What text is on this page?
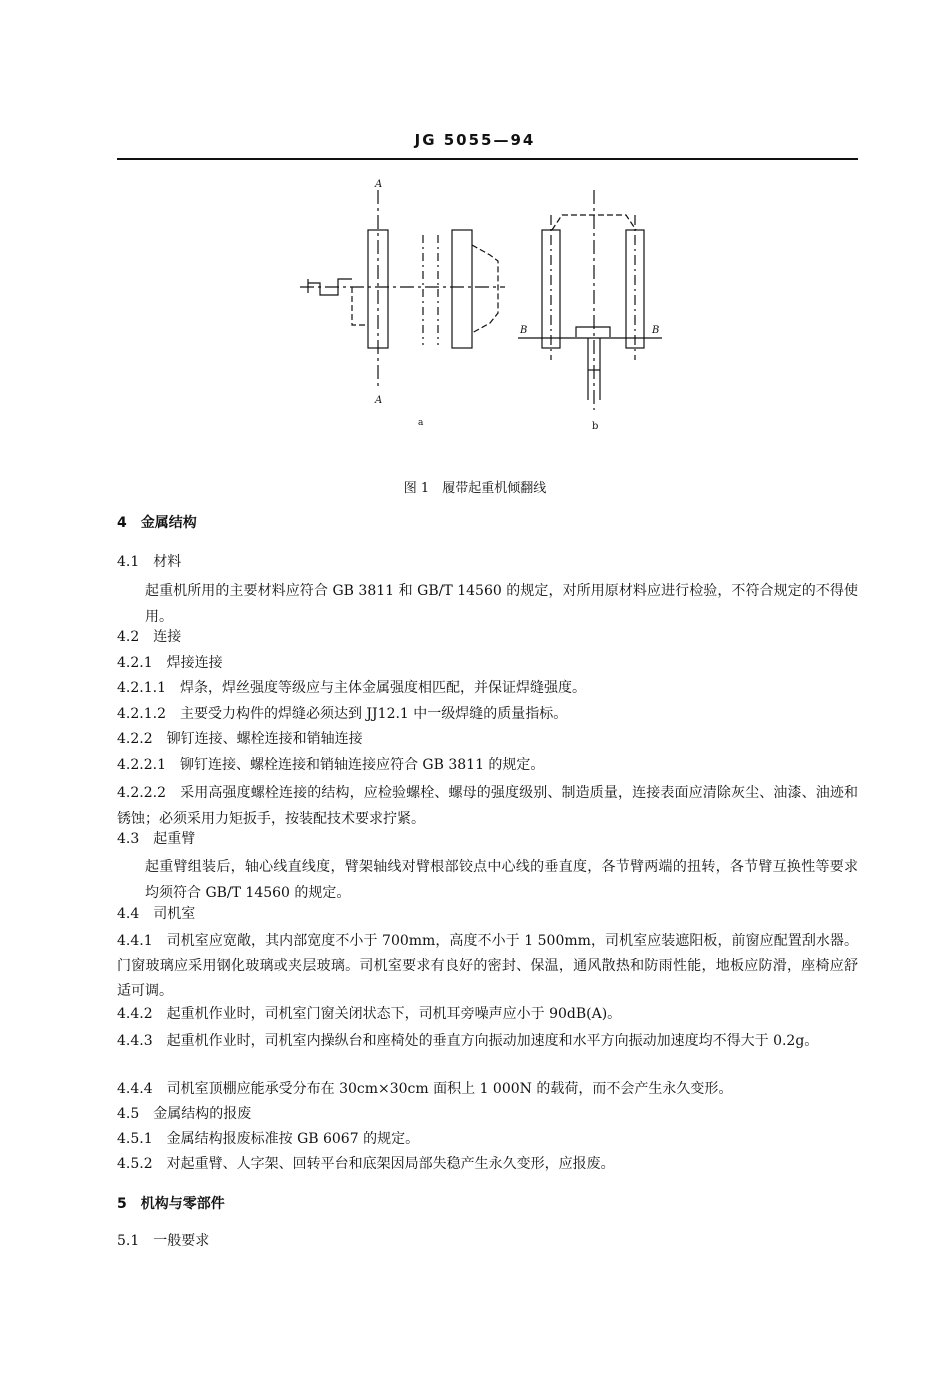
JG 5055—94
A
A
B	B
a	b
图 1　履带起重机倾翻线
4 金属结构
4.1 材料
起重机所用的主要材料应符合 GB 3811 和 GB/T 14560 的规定，对所用原材料应进行检验，不符合规定的不得使用。
4.2 连接
4.2.1 焊接连接
4.2.1.1 焊条，焊丝强度等级应与主体金属强度相匹配，并保证焊缝强度。
4.2.1.2 主要受力构件的焊缝必须达到 JJ12.1 中一级焊缝的质量指标。
4.2.2 铆钉连接、螺栓连接和销轴连接
4.2.2.1 铆钉连接、螺栓连接和销轴连接应符合 GB 3811 的规定。
4.2.2.2 采用高强度螺栓连接的结构，应检验螺栓、螺母的强度级别、制造质量，连接表面应清除灰尘、油漆、油迹和锈蚀；必须采用力矩扳手，按装配技术要求拧紧。
4.3 起重臂
起重臂组装后，轴心线直线度，臂架轴线对臂根部铰点中心线的垂直度，各节臂两端的扭转，各节臂互换性等要求均须符合 GB/T 14560 的规定。
4.4 司机室
4.4.1 司机室应宽敞，其内部宽度不小于 700mm，高度不小于 1 500mm，司机室应装遮阳板，前窗应配置刮水器。门窗玻璃应采用钢化玻璃或夹层玻璃。司机室要求有良好的密封、保温，通风散热和防雨性能，地板应防滑，座椅应舒适可调。
4.4.2 起重机作业时，司机室门窗关闭状态下，司机耳旁噪声应小于 90dB(A)。
4.4.3 起重机作业时，司机室内操纵台和座椅处的垂直方向振动加速度和水平方向振动加速度均不得大于 0.2g。
4.4.4 司机室顶棚应能承受分布在 30cm×30cm 面积上 1 000N 的载荷，而不会产生永久变形。
4.5 金属结构的报废
4.5.1 金属结构报废标准按 GB 6067 的规定。
4.5.2 对起重臂、人字架、回转平台和底架因局部失稳产生永久变形，应报废。
5 机构与零部件
5.1 一般要求
